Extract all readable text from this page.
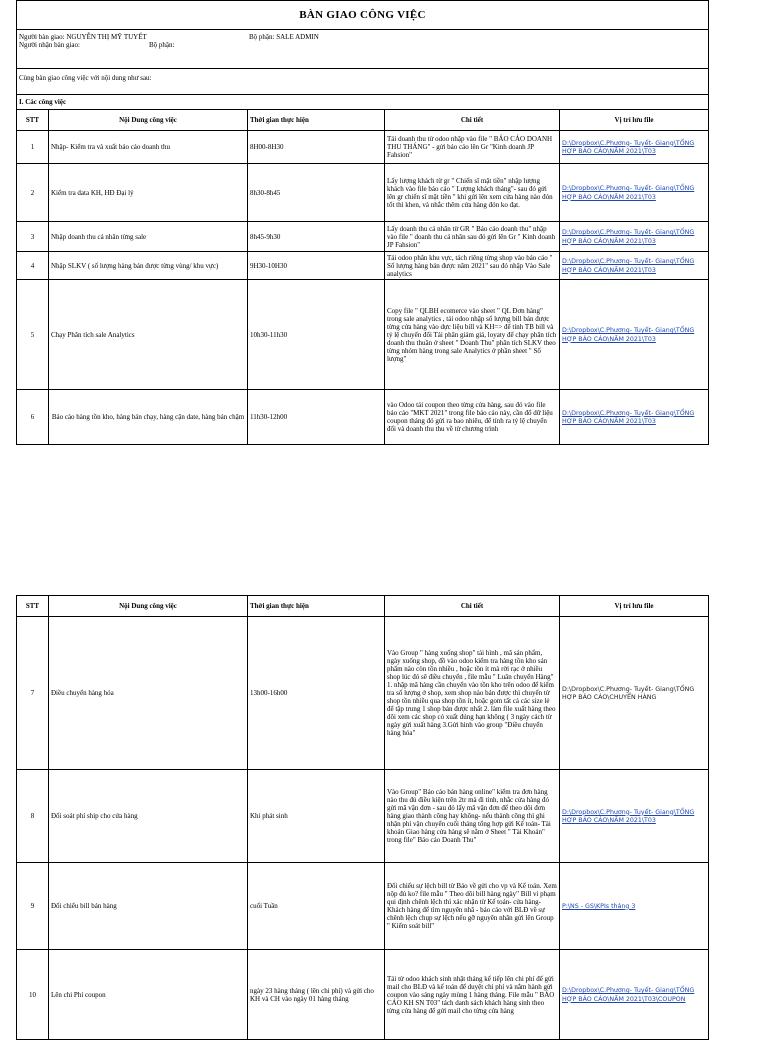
BÀN GIAO CÔNG VIỆC				

Người bàn giao: NGUYỄN THỊ MỸ TUYẾT Bộ phận: SALE ADMIN
Người nhận bàn giao: Bộ phận:				

Cùng bàn giao công việc với nội dung như sau:				
I. Các công việc				
STT	Nội Dung công việc	Thời gian thực hiện	Chi tiết	Vị trí lưu file
1	Nhập- Kiểm tra và xuất báo cáo doanh thu	8H00-8H30	Tải doanh thu từ odoo nhập vào file " BÁO CÁO DOANH THU THÁNG" - gửi báo cáo lên Gr "Kinh doanh JP Fahsion"	D:\Dropbox\C.Phương- Tuyết- Giang\TỔNG HỢP BÁO CÁO\NĂM 2021\T03
2	Kiểm tra data KH, HĐ Đại lý	8h30-8h45	Lấy lượng khách từ gr " Chiến sĩ mặt tiền" nhập lượng khách vào file báo cáo " Lượng khách tháng"- sau đó gửi lên gr chiến sĩ mặt tiền " khi gửi lên xem cửa hàng nào đón tốt thì khen, và nhắc thêm cửa hàng đón ko đạt.	D:\Dropbox\C.Phương- Tuyết- Giang\TỔNG HỢP BÁO CÁO\NĂM 2021\T03
3	Nhập doanh thu cá nhân từng sale	8h45-9h30	Lấy doanh thu cá nhân từ GR " Báo cáo doanh thu" nhập vào file " doanh thu cá nhân sau đó gửi lên Gr " Kinh doanh JP Fahsion"	D:\Dropbox\C.Phương- Tuyết- Giang\TỔNG HỢP BÁO CÁO\NĂM 2021\T03
4	Nhập SLKV ( số lượng hàng bán được từng vùng/ khu vực)	9H30-10H30	Tải odoo phân khu vực, tách riêng từng shop vào báo cáo " Số lượng hàng bán được năm 2021" sau đó nhập Vào Sale analytics	D:\Dropbox\C.Phương- Tuyết- Giang\TỔNG HỢP BÁO CÁO\NĂM 2021\T03
5	Chạy Phân tích sale Analytics	10h30-11h30	Copy file " QLBH ecomerce vào sheet " QL Đơn hàng" trong sale analytics , tải odoo nhập số lượng bill bán được từng cửa hàng vào dực liệu bill và KH=> để tính TB bill và tỷ lệ chuyển đổi Tải phân giảm giá, loyaty để chạy phân tích doanh thu thuần ở sheet " Doanh Thu" phân tích SLKV theo từng nhóm hàng trong sale Analytics ở phần sheet " Số lượng"	D:\Dropbox\C.Phương- Tuyết- Giang\TỔNG HỢP BÁO CÁO\NĂM 2021\T03
6	Báo cáo hàng tồn kho, hàng bán chạy, hàng cận date, hàng bán chậm	11h30-12h00	vào Odoo tải coupon theo từng cửa hàng, sau đó vào file báo cáo "MKT 2021" trong file báo cáo này, cần đổ dữ liệu coupon tháng đó gửi ra bao nhiêu, để tính ra tỷ lệ chuyển đổi và doanh thu thu về từ chương trình	D:\Dropbox\C.Phương- Tuyết- Giang\TỔNG HỢP BÁO CÁO\NĂM 2021\T03
STT	Nội Dung công việc	Thời gian thực hiện	Chi tiết	Vị trí lưu file
7	Điều chuyển hàng hóa	13h00-16h00	Vào Group " hàng xuống shop" tải hình , mã sản phẩm, ngày xuống shop, đồ vào odoo kiểm tra hàng tồn kho sản phẩm nào còn tồn nhiều , hoặc tồn ít mà rời rạc ở nhiều shop lúc đó sẽ điều chuyển , file mẫu " Luân chuyển Hàng" 1. nhập mã hàng cần chuyển vào tồn kho trên odoo để kiểm tra số lượng ở shop, xem shop nào bán được thì chuyển từ shop tồn nhiều qua shop tồn ít, hoặc gom tất cả các size lẻ để tập trung 1 shop bán được nhất 2. làm file xuất hàng theo dõi xem các shop có xuất đúng hạn không ( 3 ngày cách từ ngày gửi xuất hàng 3.Gửi hình vào group "Điều chuyển hàng hóa"	D:\Dropbox\C.Phương- Tuyết- Giang\TỔNG HỢP BÁO CÁO\CHUYỂN HÀNG
8	Đối soát phí ship cho cửa hàng	Khi phát sinh	Vào Group" Báo cáo bán hàng online" kiểm tra đơn hàng nào thu đủ điều kiện trên 2tr mà đi tỉnh, nhắc cửa hàng đó gửi mã vận đơn - sau đó lấy mã vận đơn để theo dõi đơn hàng giao thành công hay không- nếu thành công thì ghi nhận phí vận chuyển cuối tháng tổng hợp gửi Kế toán- Tài khoản Giao hàng cửa hàng sẽ nằm ở Sheet " Tài Khoản" trong file" Báo cáo Doanh Thu"	D:\Dropbox\C.Phương- Tuyết- Giang\TỔNG HỢP BÁO CÁO\NĂM 2021\T03
9	Đối chiếu bill bán hàng	cuối Tuần	Đối chiếu sự lệch bill từ Báo về gửi cho vp và Kế toán. Xem nộp đủ ko? file mẫu " Theo dõi bill hàng ngày" Bill vi phạm qui định chênh lệch thì xác nhận từ Kế toán- cửa hàng- Khách hàng để tìm nguyên nhã - báo cáo với BLĐ về sự chênh lệch chụp sự lệch nếu gỡ nguyên nhân gửi lên Group " Kiểm soát bill"	P:\NS - GS\KPIs tháng 3
10	Lên chi Phí coupon	ngày 23 hàng tháng ( lên chi phí) và gửi cho KH và CH vào ngày 01 hàng tháng	Tải từ odoo khách sinh nhật tháng kế tiếp lên chi phí để gửi mail cho BLĐ và kế toán để duyệt chi phí và nắm hành gửi coupon vào sáng ngày mùng 1 hàng tháng. File mẫu " BÁO CÁO KH SN T03" tách danh sách khách hàng sinh theo từng cửa hàng để gửi mail cho từng cửa hàng	D:\Dropbox\C.Phương- Tuyết- Giang\TỔNG HỢP BÁO CÁO\NĂM 2021\T03\COUPON
